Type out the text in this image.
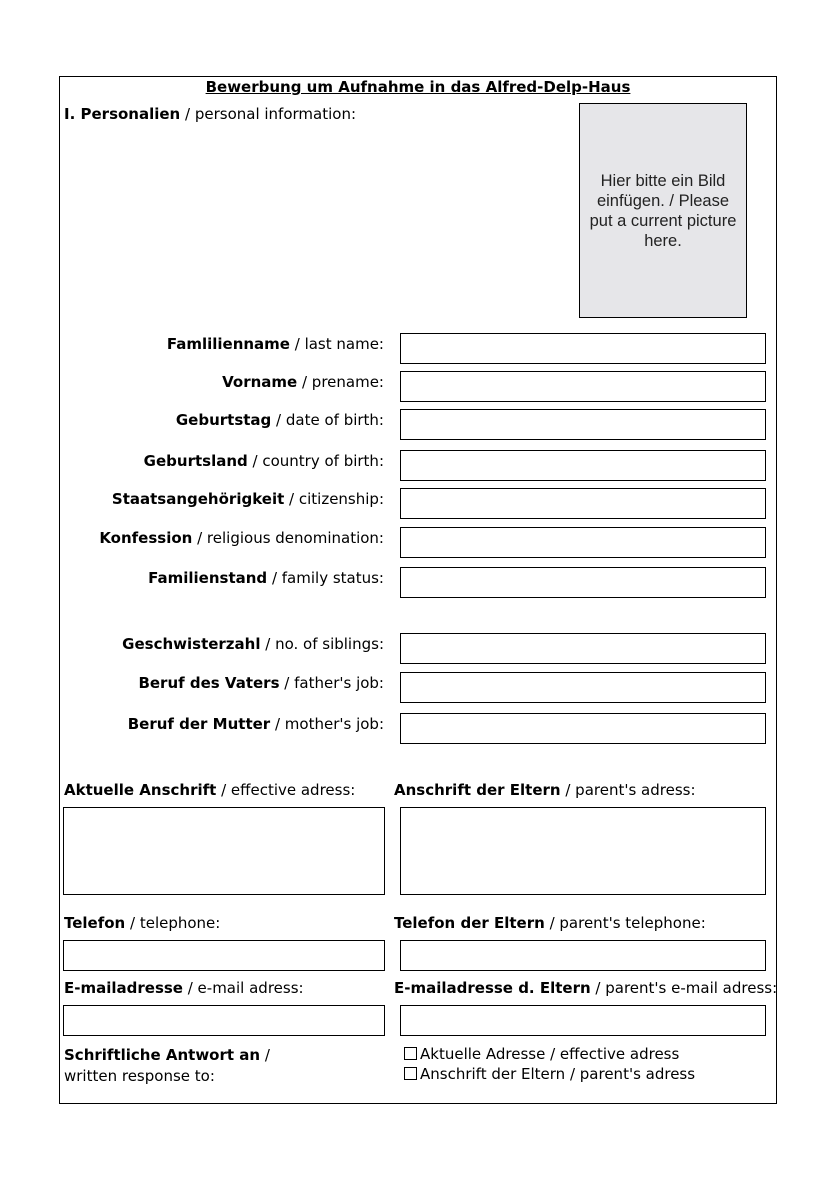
Bewerbung um Aufnahme in das Alfred-Delp-Haus
I. Personalien / personal information:
Hier bitte ein Bild
einfügen. / Please
put a current picture
here.
Famlilienname / last name:
Vorname / prename:
Geburtstag / date of birth:
Geburtsland / country of birth:
Staatsangehörigkeit / citizenship:
Konfession / religious denomination:
Familienstand / family status:
Geschwisterzahl / no. of siblings:
Beruf des Vaters / father's job:
Beruf der Mutter / mother's job:
Aktuelle Anschrift / effective adress:	Anschrift der Eltern / parent's adress:
Telefon / telephone:	Telefon der Eltern / parent's telephone:
E-mailadresse / e-mail adress:	E-mailadresse d. Eltern / parent's e-mail adress:
Schriftliche Antwort an /
written response to:
Aktuelle Adresse / effective adress
Anschrift der Eltern / parent's adress
